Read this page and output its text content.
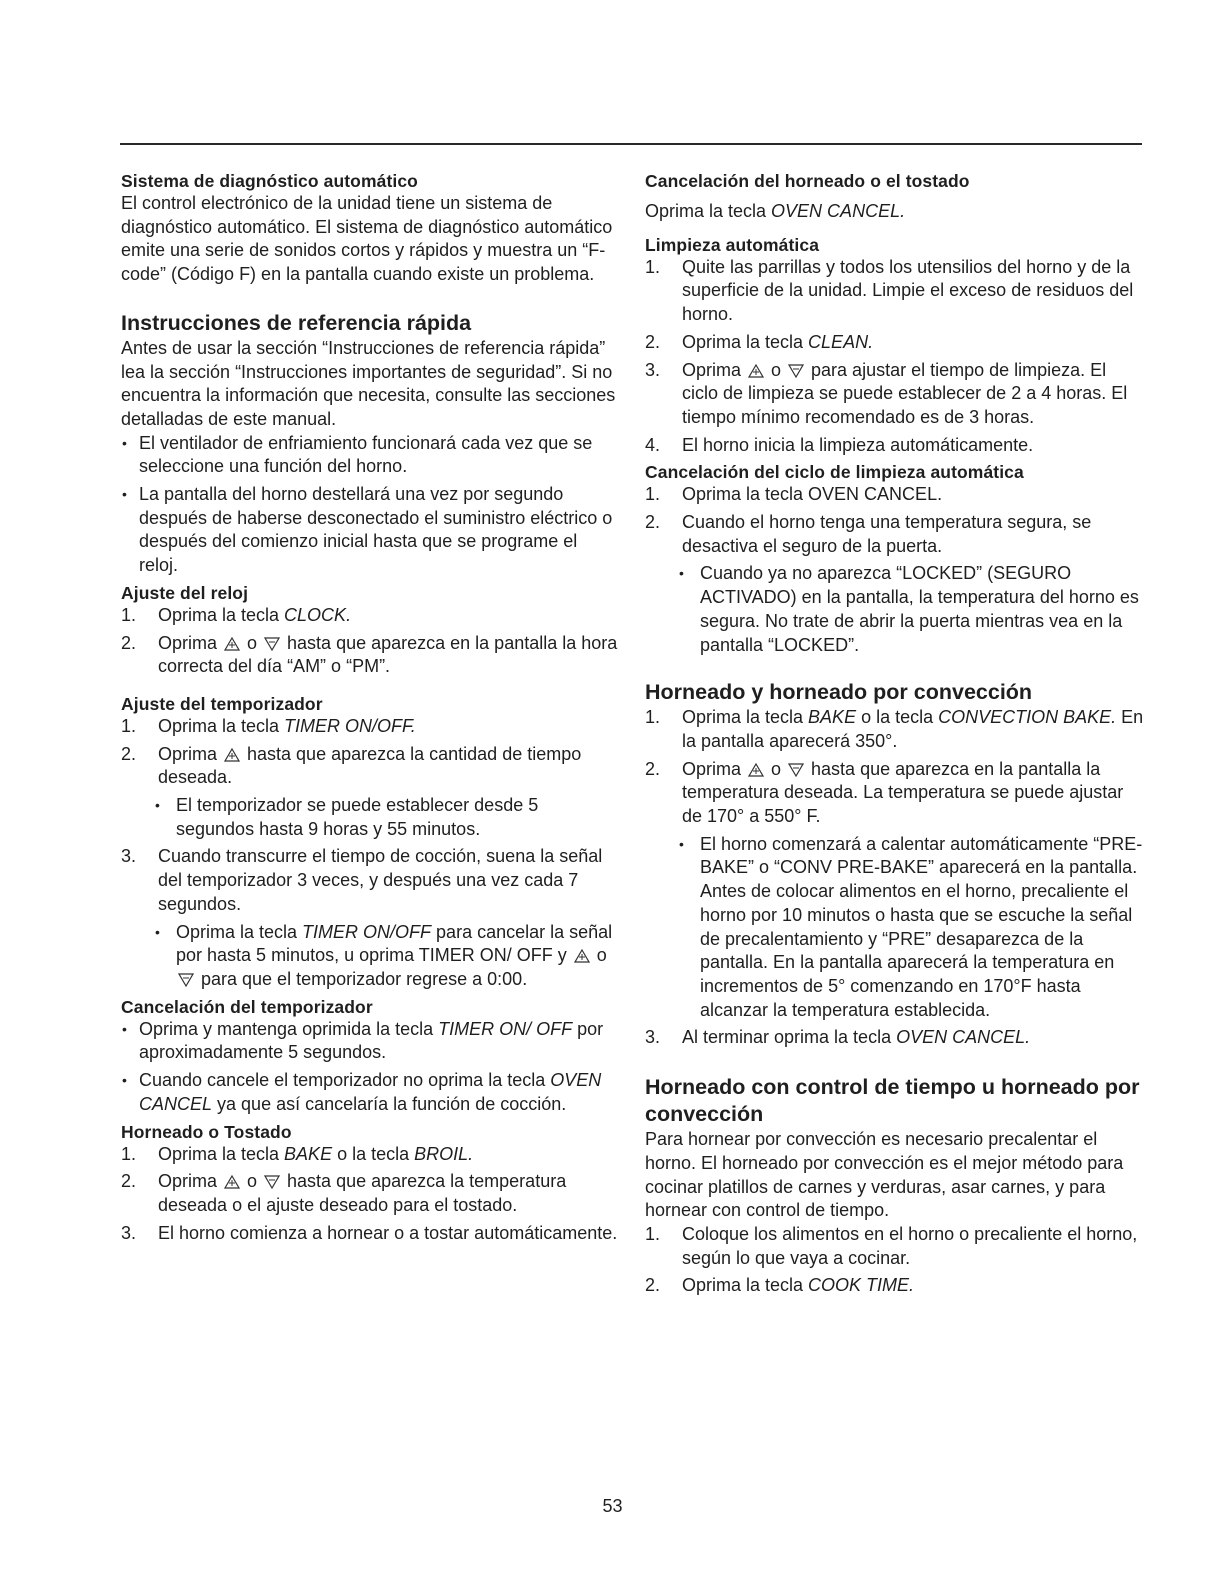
Sistema de diagnóstico automático
El control electrónico de la unidad tiene un sistema de diagnóstico automático. El sistema de diagnóstico automático emite una serie de sonidos cortos y rápidos y muestra un “F-code” (Código F) en la pantalla cuando existe un problema.
Instrucciones de referencia rápida
Antes de usar la sección “Instrucciones de referencia rápida” lea la sección “Instrucciones importantes de seguridad”. Si no encuentra la información que necesita, consulte las secciones detalladas de este manual.
• El ventilador de enfriamiento funcionará cada vez que se seleccione una función del horno.
• La pantalla del horno destellará una vez por segundo después de haberse desconectado el suministro eléctrico o después del comienzo inicial hasta que se programe el reloj.
Ajuste del reloj
1. Oprima la tecla CLOCK.
2. Oprima
o
hasta que aparezca en la pantalla la hora correcta del día “AM” o “PM”.
Ajuste del temporizador
1. Oprima la tecla TIMER ON/OFF.
2. Oprima
hasta que aparezca la cantidad de tiempo deseada.
• El temporizador se puede establecer desde 5 segundos hasta 9 horas y 55 minutos.
3. Cuando transcurre el tiempo de cocción, suena la señal del temporizador 3 veces, y después una vez cada 7 segundos.
• Oprima la tecla TIMER ON/OFF para cancelar la señal por hasta 5 minutos, u oprima TIMER ON/ OFF y
o
para que el temporizador regrese a 0:00.
Cancelación del temporizador
• Oprima y mantenga oprimida la tecla TIMER ON/ OFF por aproximadamente 5 segundos.
• Cuando cancele el temporizador no oprima la tecla OVEN CANCEL ya que así cancelaría la función de cocción.
Horneado o Tostado
1. Oprima la tecla BAKE o la tecla BROIL.
2. Oprima
o
hasta que aparezca la temperatura deseada o el ajuste deseado para el tostado.
3. El horno comienza a hornear o a tostar automáticamente.
Cancelación del horneado o el tostado
Oprima la tecla OVEN CANCEL.
Limpieza automática
1. Quite las parrillas y todos los utensilios del horno y de la superficie de la unidad. Limpie el exceso de residuos del horno.
2. Oprima la tecla CLEAN.
3. Oprima
o
para ajustar el tiempo de limpieza. El ciclo de limpieza se puede establecer de 2 a 4 horas. El tiempo mínimo recomendado es de 3 horas.
4. El horno inicia la limpieza automáticamente.
Cancelación del ciclo de limpieza automática
1. Oprima la tecla OVEN CANCEL.
2. Cuando el horno tenga una temperatura segura, se desactiva el seguro de la puerta.
• Cuando ya no aparezca “LOCKED” (SEGURO ACTIVADO) en la pantalla, la temperatura del horno es segura. No trate de abrir la puerta mientras vea en la pantalla “LOCKED”.
Horneado y horneado por convección
1. Oprima la tecla BAKE o la tecla CONVECTION BAKE. En la pantalla aparecerá 350°.
2. Oprima
o
hasta que aparezca en la pantalla la temperatura deseada. La temperatura se puede ajustar de 170° a 550° F.
• El horno comenzará a calentar automáticamente “PRE-BAKE” o “CONV PRE-BAKE” aparecerá en la pantalla. Antes de colocar alimentos en el horno, precaliente el horno por 10 minutos o hasta que se escuche la señal de precalentamiento y “PRE” desaparezca de la pantalla. En la pantalla aparecerá la temperatura en incrementos de 5° comenzando en 170°F hasta alcanzar la temperatura establecida.
3. Al terminar oprima la tecla OVEN CANCEL.
Horneado con control de tiempo u horneado por convección
Para hornear por convección es necesario precalentar el horno. El horneado por convección es el mejor método para cocinar platillos de carnes y verduras, asar carnes, y para hornear con control de tiempo.
1. Coloque los alimentos en el horno o precaliente el horno, según lo que vaya a cocinar.
2. Oprima la tecla COOK TIME.
53
